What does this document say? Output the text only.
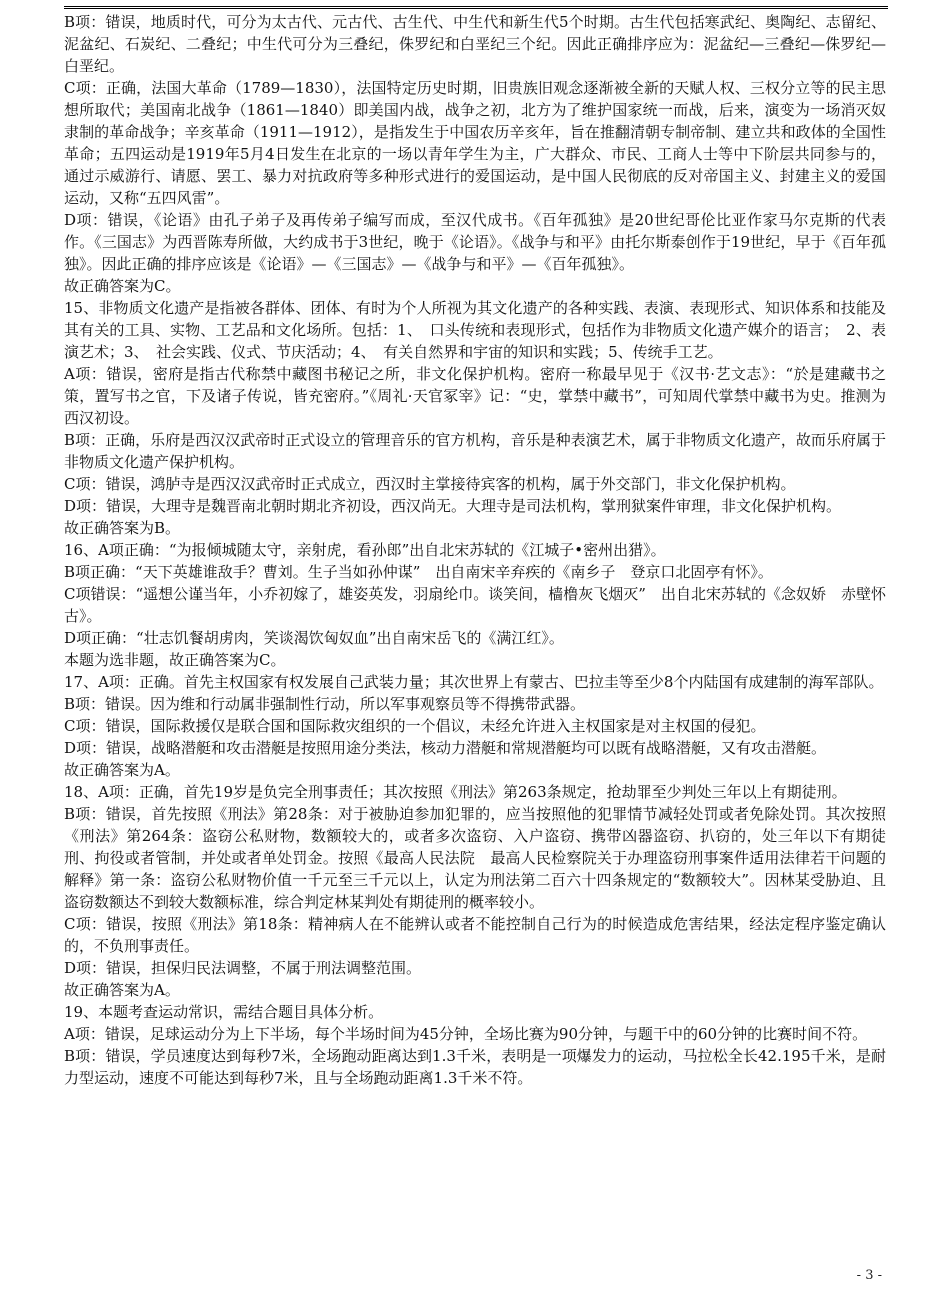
B项：错误，地质时代，可分为太古代、元古代、古生代、中生代和新生代5个时期。古生代包括寒武纪、奥陶纪、志留纪、泥盆纪、石炭纪、二叠纪；中生代可分为三叠纪，侏罗纪和白垩纪三个纪。因此正确排序应为：泥盆纪—三叠纪—侏罗纪—白垩纪。

C项：正确，法国大革命（1789—1830），法国特定历史时期，旧贵族旧观念逐渐被全新的天赋人权、三权分立等的民主思想所取代；美国南北战争（1861—1840）即美国内战，战争之初，北方为了维护国家统一而战，后来，演变为一场消灭奴隶制的革命战争；辛亥革命（1911—1912），是指发生于中国农历辛亥年，旨在推翻清朝专制帝制、建立共和政体的全国性革命；五四运动是1919年5月4日发生在北京的一场以青年学生为主，广大群众、市民、工商人士等中下阶层共同参与的，通过示威游行、请愿、罢工、暴力对抗政府等多种形式进行的爱国运动，是中国人民彻底的反对帝国主义、封建主义的爱国运动，又称“五四风雷”。

D项：错误，《论语》由孔子弟子及再传弟子编写而成，至汉代成书。《百年孤独》是20世纪哥伦比亚作家马尔克斯的代表作。《三国志》为西晋陈寿所做，大约成书于3世纪，晚于《论语》。《战争与和平》由托尔斯泰创作于19世纪，早于《百年孤独》。因此正确的排序应该是《论语》—《三国志》—《战争与和平》—《百年孤独》。

故正确答案为C。

15、非物质文化遗产是指被各群体、团体、有时为个人所视为其文化遗产的各种实践、表演、表现形式、知识体系和技能及其有关的工具、实物、工艺品和文化场所。包括：1、　口头传统和表现形式，包括作为非物质文化遗产媒介的语言；　2、表演艺术；3、　社会实践、仪式、节庆活动；4、　有关自然界和宇宙的知识和实践；5、传统手工艺。

A项：错误，密府是指古代称禁中藏图书秘记之所，非文化保护机构。密府一称最早见于《汉书·艺文志》：“於是建藏书之策，置写书之官，下及诸子传说，皆充密府。”《周礼·天官冢宰》记：“史，掌禁中藏书”，可知周代掌禁中藏书为史。推测为西汉初设。

B项：正确，乐府是西汉汉武帝时正式设立的管理音乐的官方机构，音乐是种表演艺术，属于非物质文化遗产，故而乐府属于非物质文化遗产保护机构。

C项：错误，鸿胪寺是西汉汉武帝时正式成立，西汉时主掌接待宾客的机构，属于外交部门，非文化保护机构。

D项：错误，大理寺是魏晋南北朝时期北齐初设，西汉尚无。大理寺是司法机构，掌刑狱案件审理，非文化保护机构。

故正确答案为B。

16、A项正确：“为报倾城随太守，亲射虎，看孙郎”出自北宋苏轼的《江城子•密州出猎》。

B项正确：“天下英雄谁敌手？曹刘。生子当如孙仲谋”　出自南宋辛弃疾的《南乡子　登京口北固亭有怀》。

C项错误：“遥想公谨当年，小乔初嫁了，雄姿英发，羽扇纶巾。谈笑间，樯橹灰飞烟灭”　出自北宋苏轼的《念奴娇　赤壁怀古》。

D项正确：“壮志饥餐胡虏肉，笑谈渴饮匈奴血”出自南宋岳飞的《满江红》。

本题为选非题，故正确答案为C。

17、A项：正确。首先主权国家有权发展自己武装力量；其次世界上有蒙古、巴拉圭等至少8个内陆国有成建制的海军部队。

B项：错误。因为维和行动属非强制性行动，所以军事观察员等不得携带武器。

C项：错误，国际救援仅是联合国和国际救灾组织的一个倡议，未经允许进入主权国家是对主权国的侵犯。

D项：错误，战略潜艇和攻击潜艇是按照用途分类法，核动力潜艇和常规潜艇均可以既有战略潜艇，又有攻击潜艇。

故正确答案为A。

18、A项：正确，首先19岁是负完全刑事责任；其次按照《刑法》第263条规定，抢劫罪至少判处三年以上有期徒刑。

B项：错误，首先按照《刑法》第28条：对于被胁迫参加犯罪的，应当按照他的犯罪情节减轻处罚或者免除处罚。其次按照《刑法》第264条：盗窃公私财物，数额较大的，或者多次盗窃、入户盗窃、携带凶器盗窃、扒窃的，处三年以下有期徒刑、拘役或者管制，并处或者单处罚金。按照《最高人民法院　最高人民检察院关于办理盗窃刑事案件适用法律若干问题的解释》第一条：盗窃公私财物价值一千元至三千元以上，认定为刑法第二百六十四条规定的“数额较大”。因林某受胁迫、且盗窃数额达不到较大数额标准，综合判定林某判处有期徒刑的概率较小。

C项：错误，按照《刑法》第18条：精神病人在不能辨认或者不能控制自己行为的时候造成危害结果，经法定程序鉴定确认的，不负刑事责任。

D项：错误，担保归民法调整，不属于刑法调整范围。

故正确答案为A。

19、本题考查运动常识，需结合题目具体分析。

A项：错误，足球运动分为上下半场，每个半场时间为45分钟，全场比赛为90分钟，与题干中的60分钟的比赛时间不符。

B项：错误，学员速度达到每秒7米，全场跑动距离达到1.3千米，表明是一项爆发力的运动，马拉松全长42.195千米，是耐力型运动，速度不可能达到每秒7米，且与全场跑动距离1.3千米不符。

- 3 -
